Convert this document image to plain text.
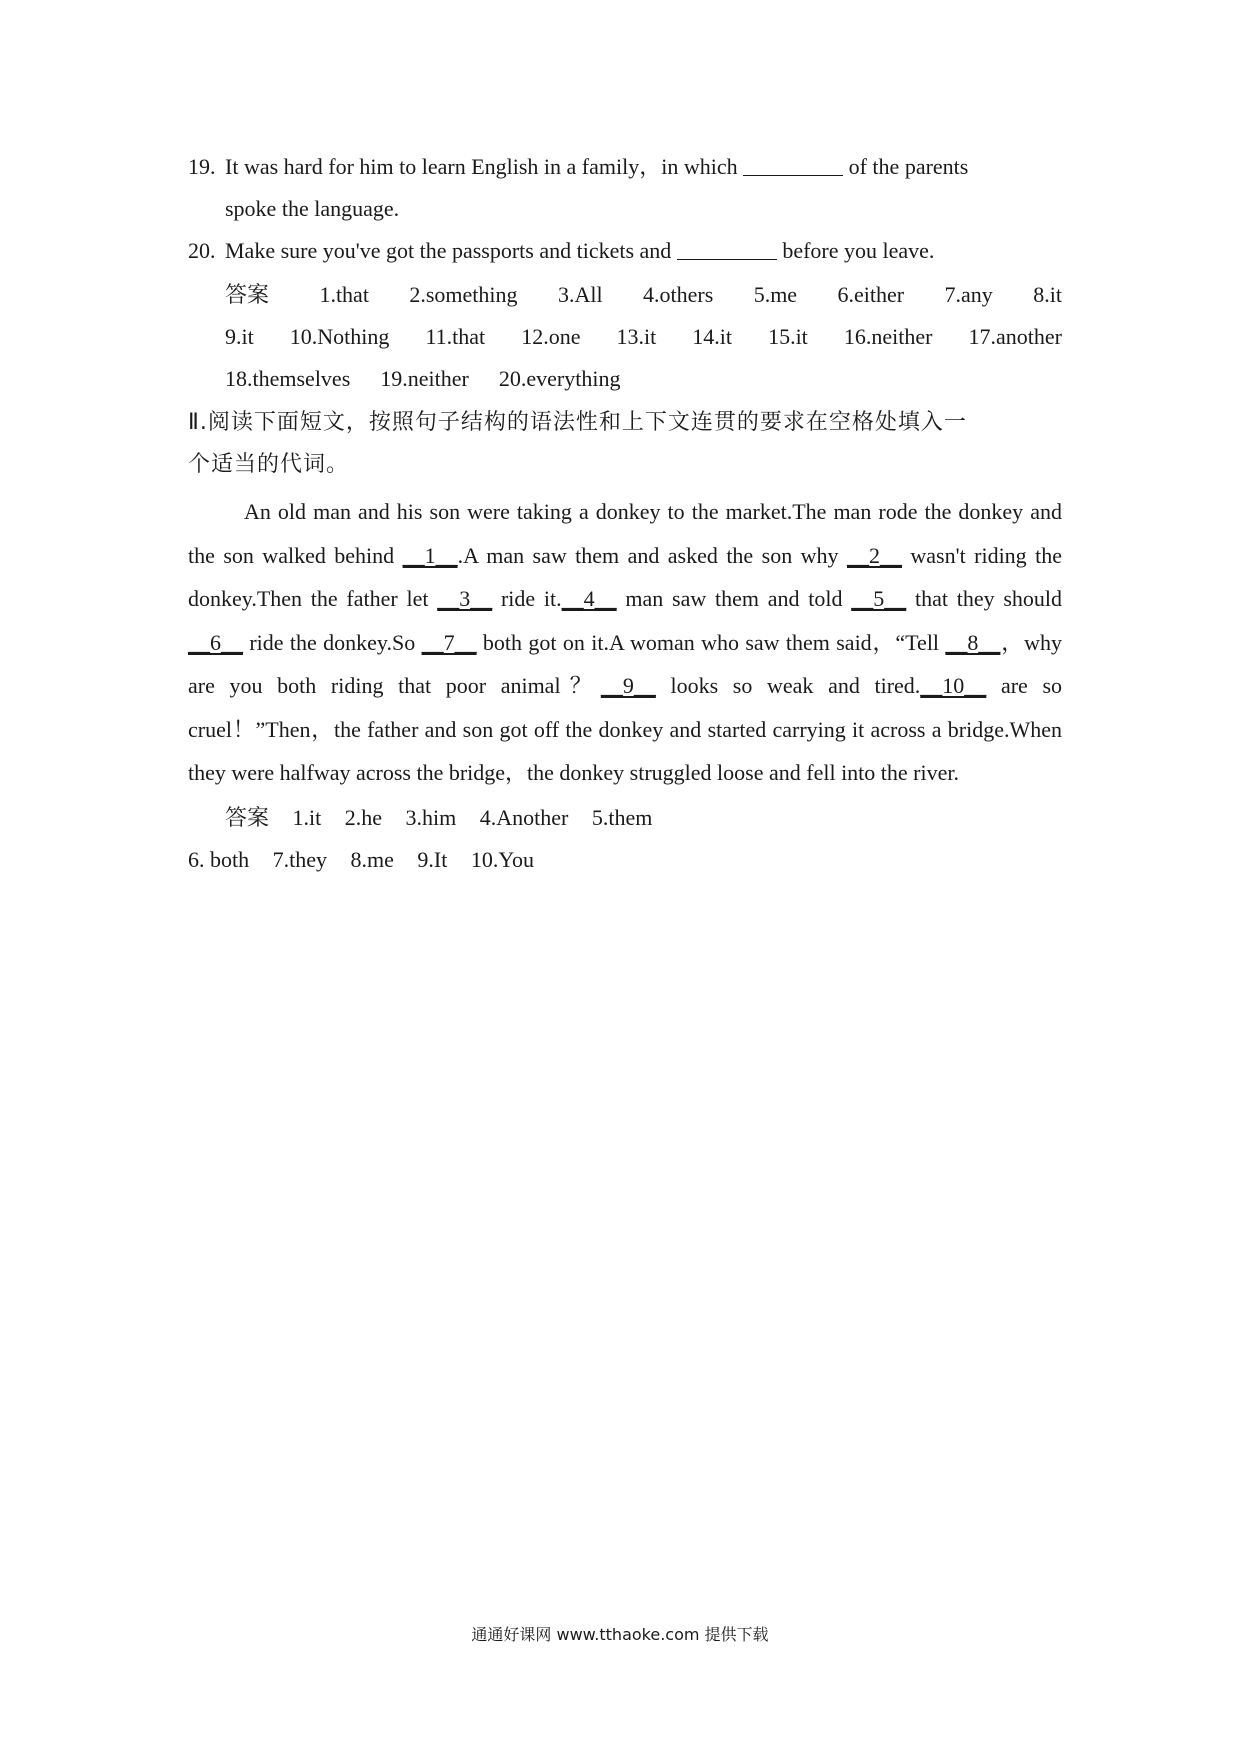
19. It was hard for him to learn English in a family，in which	of the parents
spoke the language.
20. Make sure you've got the passports and tickets and	before you leave.
答案 1.that 2.something 3.All 4.others 5.me 6.either 7.any 8.it
9.it 10.Nothing 11.that 12.one 13.it 14.it 15.it 16.neither 17.another
18.themselves 19.neither 20.everything
Ⅱ.阅读下面短文，按照句子结构的语法性和上下文连贯的要求在空格处填入一
个适当的代词。
An old man and his son were taking a donkey to the market.The man rode the donkey and the son walked behind __1__.A man saw them and asked the son why __2__ wasn't riding the donkey.Then the father let __3__ ride it.__4__ man saw them and told __5__ that they should __6__ ride the donkey.So __7__ both got on it.A woman who saw them said，“Tell __8__，why are you both riding that poor animal？__9__ looks so weak and tired.__10__ are so cruel！”Then，the father and son got off the donkey and started carrying it across a bridge.When they were halfway across the bridge，the donkey struggled loose and fell into the river.
答案 1.it 2.he 3.him 4.Another 5.them
6. both 7.they 8.me 9.It 10.You
通通好课网 www.tthaoke.com 提供下载
